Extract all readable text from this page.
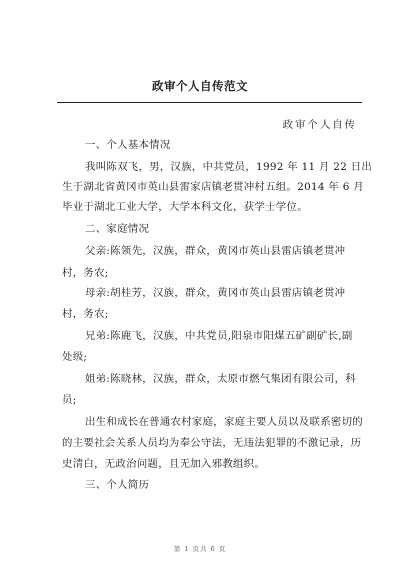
政审个人自传范文
政审个人自传
一、个人基本情况
我叫陈双飞，男，汉族，中共党员，1992 年 11 月 22 日出
生于湖北省黄冈市英山县雷家店镇老贯冲村五组。2014 年 6 月
毕业于湖北工业大学，大学本科文化，获学士学位。
二、家庭情况
父亲:陈领先，汉族，群众，黄冈市英山县雷店镇老贯冲
村，务农;
母亲:胡桂芳，汉族，群众，黄冈市英山县雷店镇老贯冲
村，务农;
兄弟:陈鹿飞，汉族，中共党员,阳泉市阳煤五矿副矿长,副
处级;
姐弟:陈晓林，汉族，群众，太原市燃气集团有限公司，科
员;
出生和成长在普通农村家庭，家庭主要人员以及联系密切的
的主要社会关系人员均为奉公守法，无违法犯罪的不激记录，历
史清白，无政治问题，且无加入邪教组织。
三、个人简历
第 1 页共 6 页
